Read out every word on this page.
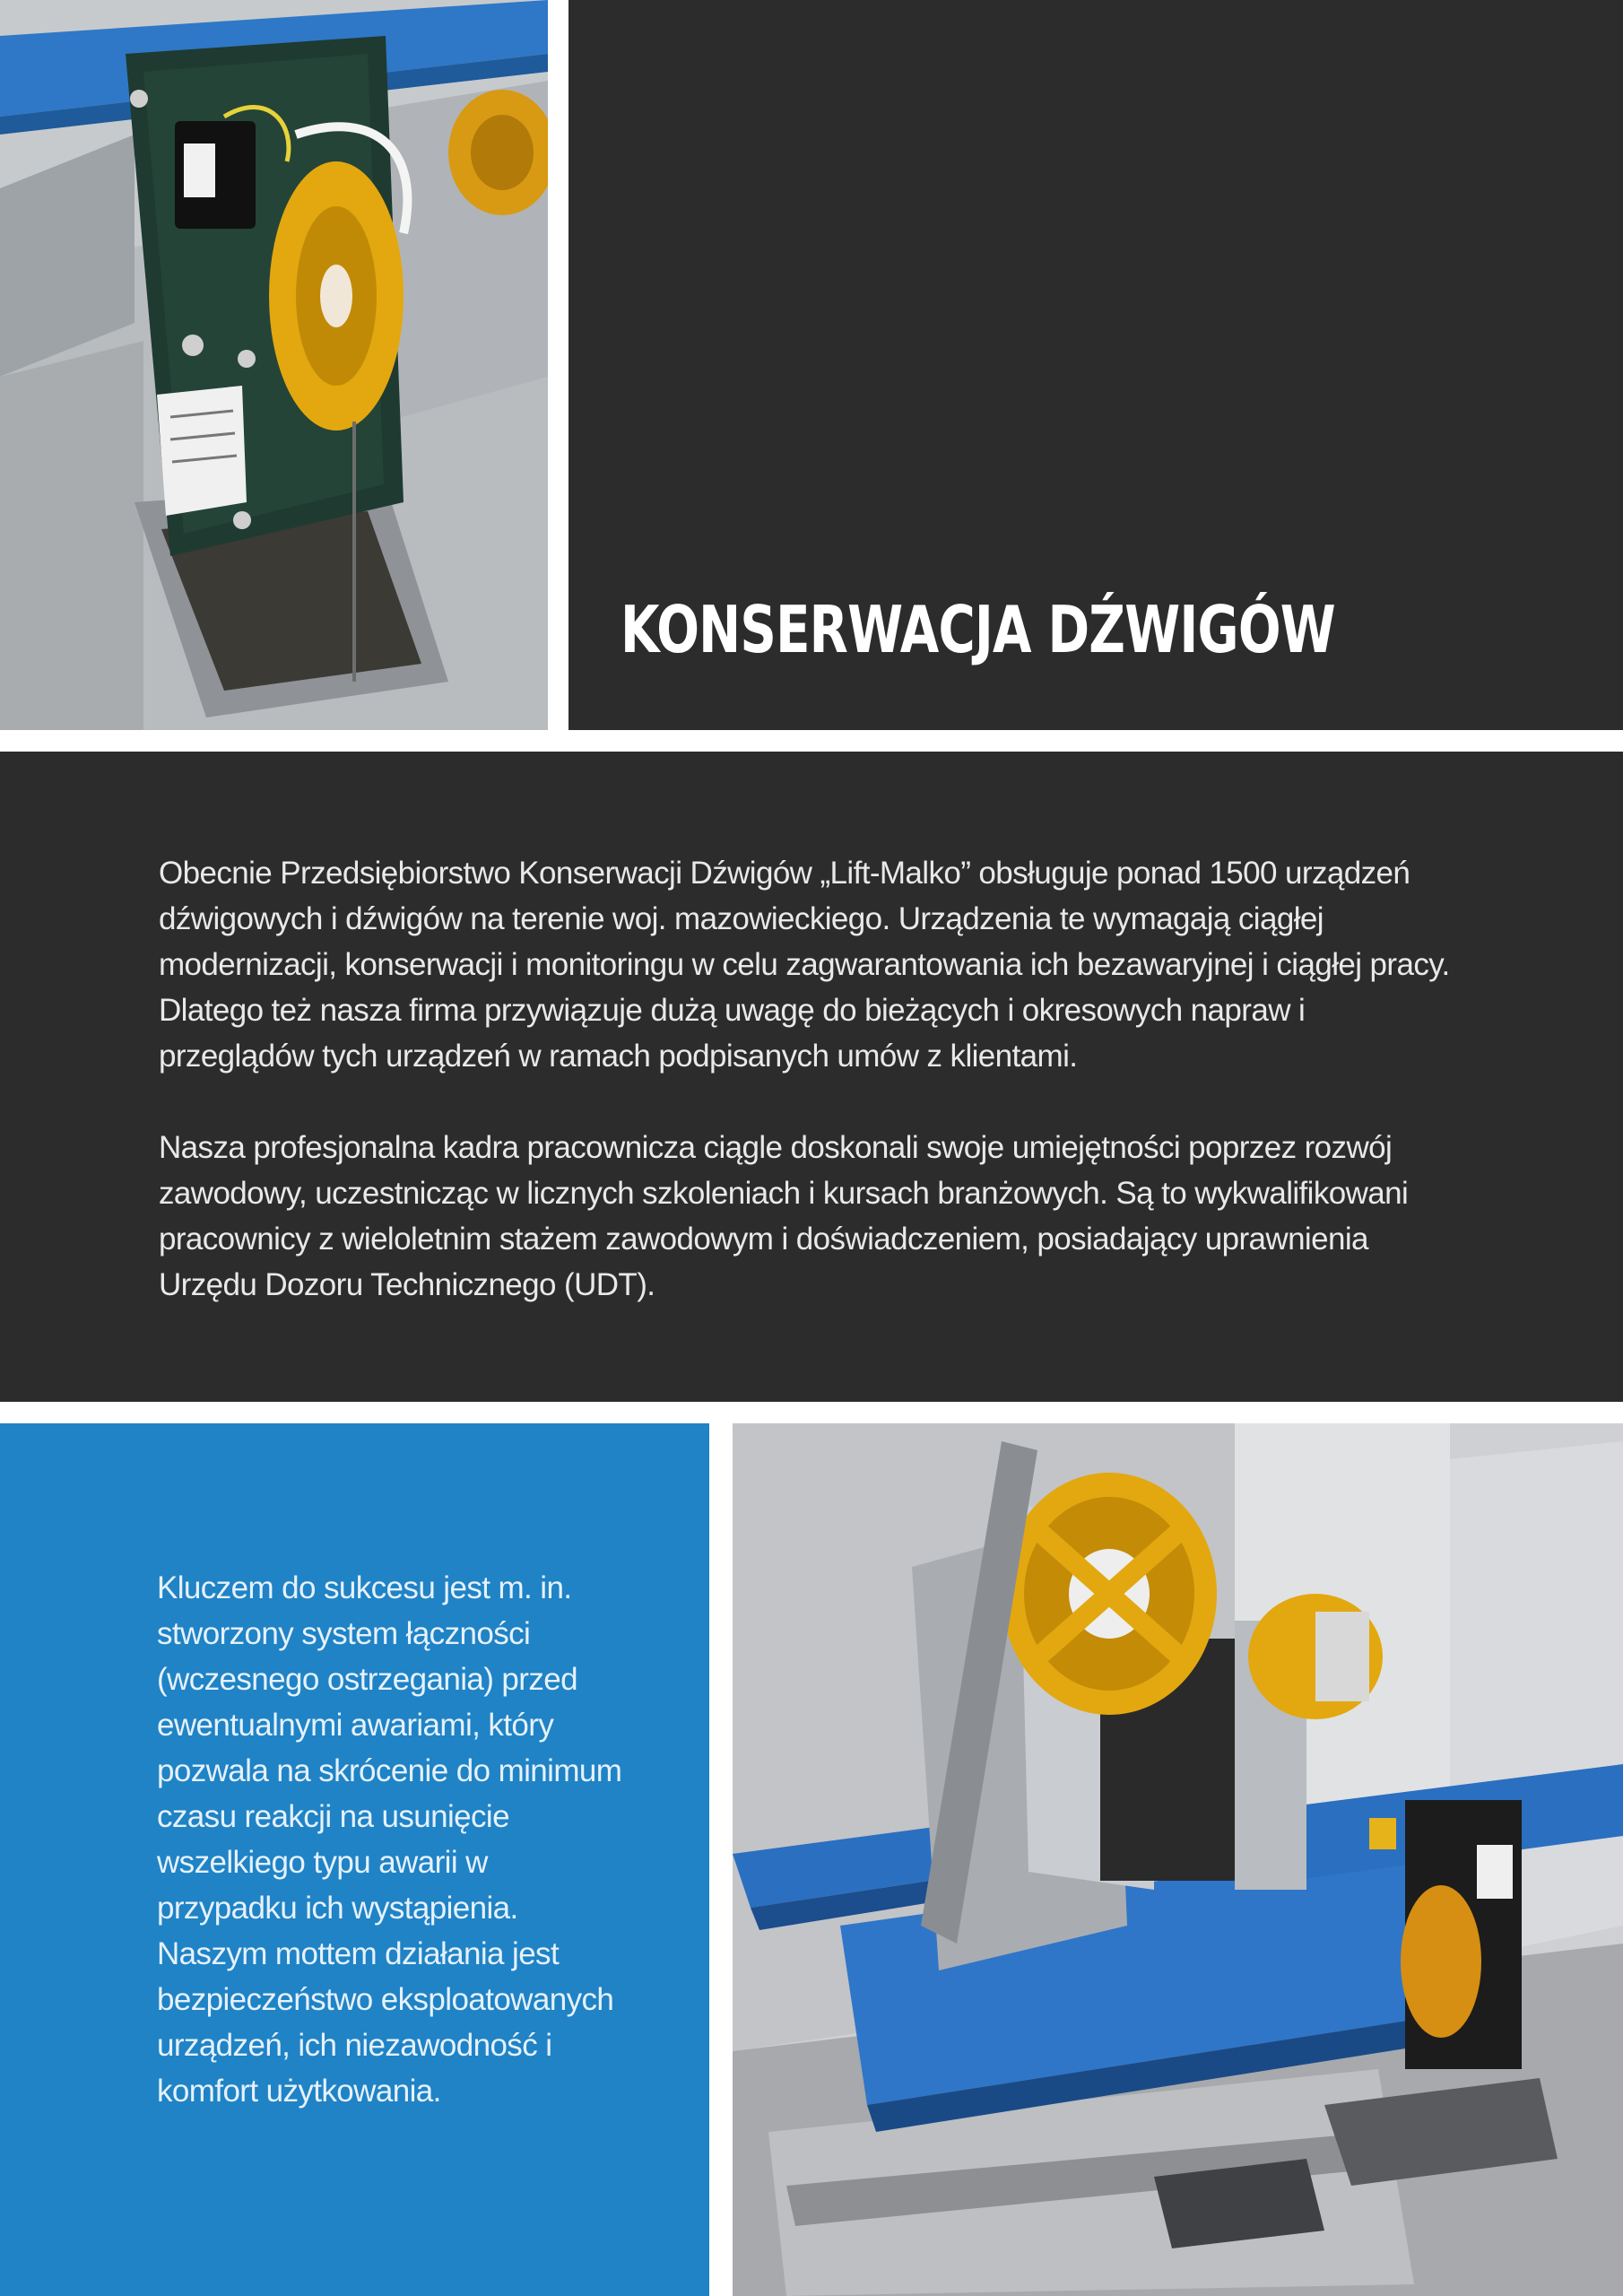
KONSERWACJA DŹWIGÓW

Obecnie Przedsiębiorstwo Konserwacji Dźwigów „Lift-Malko” obsługuje ponad 1500 urządzeń dźwigowych i dźwigów na terenie woj. mazowieckiego. Urządzenia te wymagają ciągłej modernizacji, konserwacji i monitoringu w celu zagwarantowania ich bezawaryjnej i ciągłej pracy. Dlatego też nasza firma przywiązuje dużą uwagę do bieżących i okresowych napraw i przeglądów tych urządzeń w ramach podpisanych umów z klientami.

Nasza profesjonalna kadra pracownicza ciągle doskonali swoje umiejętności poprzez rozwój zawodowy, uczestnicząc w licznych szkoleniach i kursach branżowych. Są to wykwalifikowani pracownicy z wieloletnim stażem zawodowym i doświadczeniem, posiadający uprawnienia Urzędu Dozoru Technicznego (UDT).

Kluczem do sukcesu jest m. in. stworzony system łączności (wczesnego ostrzegania) przed ewentualnymi awariami, który pozwala na skrócenie do minimum czasu reakcji na usunięcie wszelkiego typu awarii w przypadku ich wystąpienia.

Naszym mottem działania jest bezpieczeństwo eksploatowanych urządzeń, ich niezawodność i komfort użytkowania.
